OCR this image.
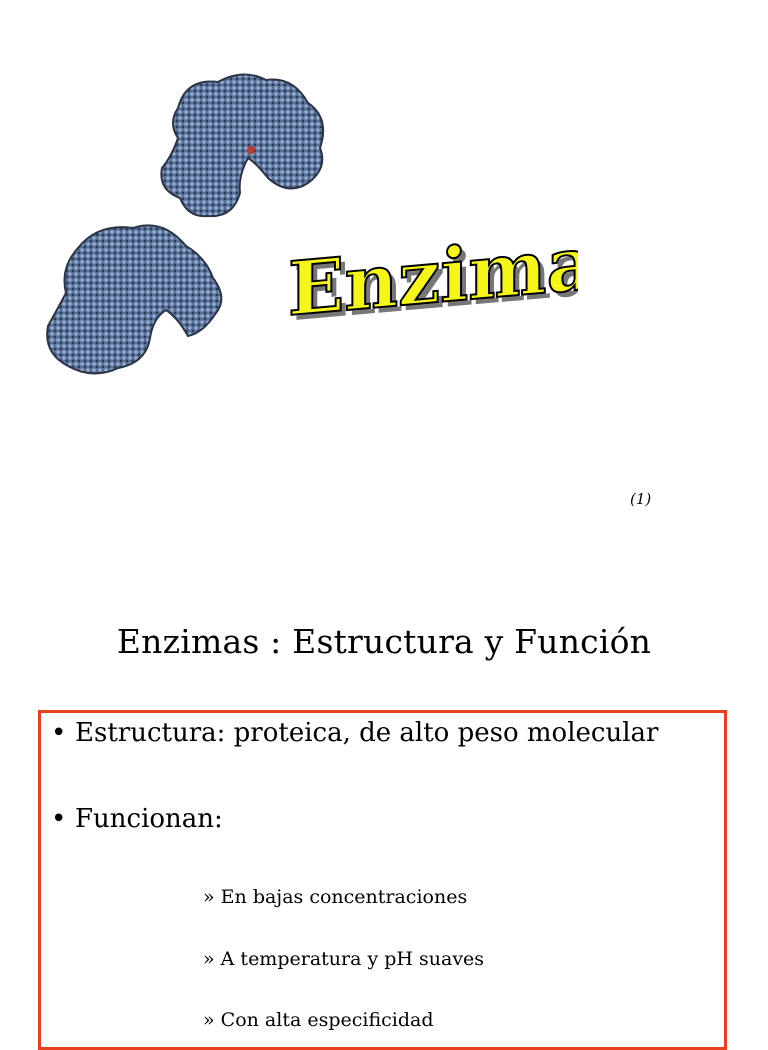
Enzimas
Enzimas
(1)
Enzimas : Estructura y Función
• Estructura: proteica, de alto peso molecular
• Funcionan:
» En bajas concentraciones
» A temperatura y pH suaves
» Con alta especificidad
